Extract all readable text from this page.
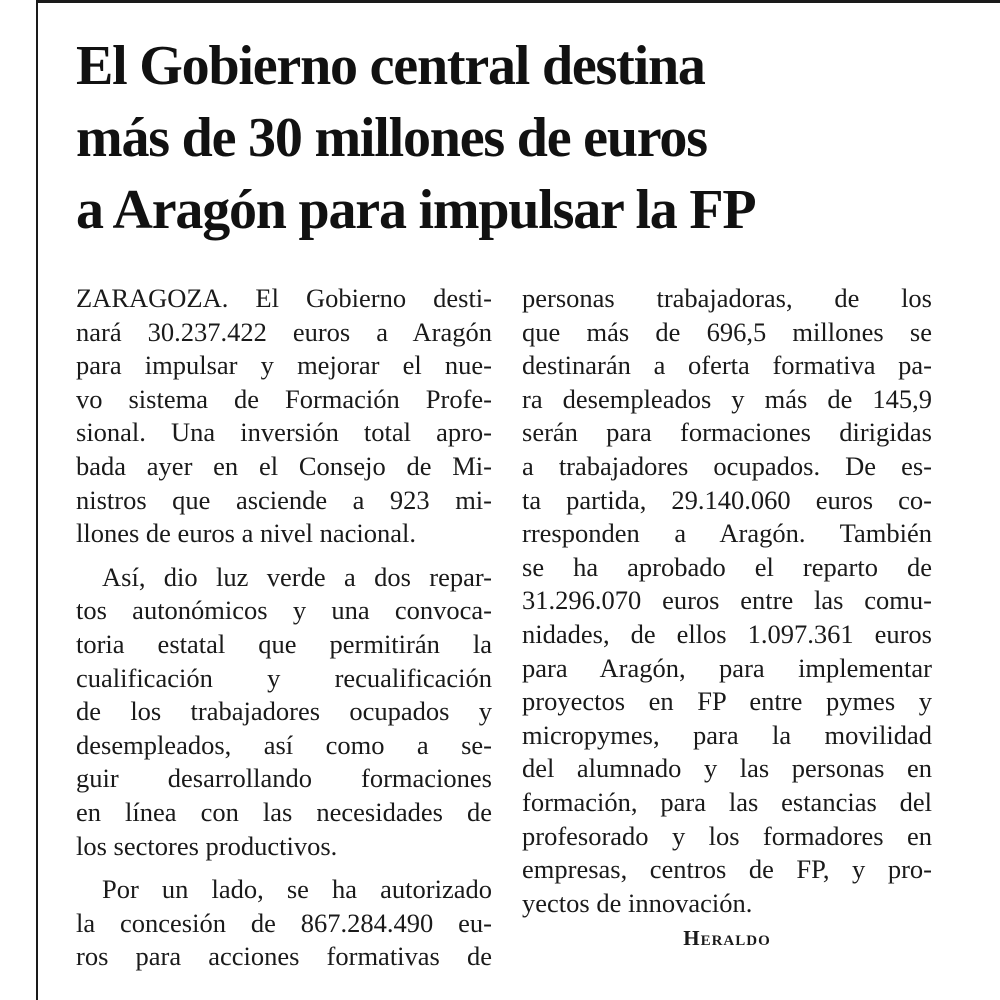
El Gobierno central destina
más de 30 millones de euros
a Aragón para impulsar la FP
ZARAGOZA. El Gobierno desti-
nará 30.237.422 euros a Aragón
para impulsar y mejorar el nue-
vo sistema de Formación Profe-
sional. Una inversión total apro-
bada ayer en el Consejo de Mi-
nistros que asciende a 923 mi-
llones de euros a nivel nacional.
Así, dio luz verde a dos repar-
tos autonómicos y una convoca-
toria estatal que permitirán la
cualificación y recualificación
de los trabajadores ocupados y
desempleados, así como a se-
guir desarrollando formaciones
en línea con las necesidades de
los sectores productivos.
Por un lado, se ha autorizado
la concesión de 867.284.490 eu-
ros para acciones formativas de
personas trabajadoras, de los
que más de 696,5 millones se
destinarán a oferta formativa pa-
ra desempleados y más de 145,9
serán para formaciones dirigidas
a trabajadores ocupados. De es-
ta partida, 29.140.060 euros co-
rresponden a Aragón. También
se ha aprobado el reparto de
31.296.070 euros entre las comu-
nidades, de ellos 1.097.361 euros
para Aragón, para implementar
proyectos en FP entre pymes y
micropymes, para la movilidad
del alumnado y las personas en
formación, para las estancias del
profesorado y los formadores en
empresas, centros de FP, y pro-
yectos de innovación.
Heraldo
